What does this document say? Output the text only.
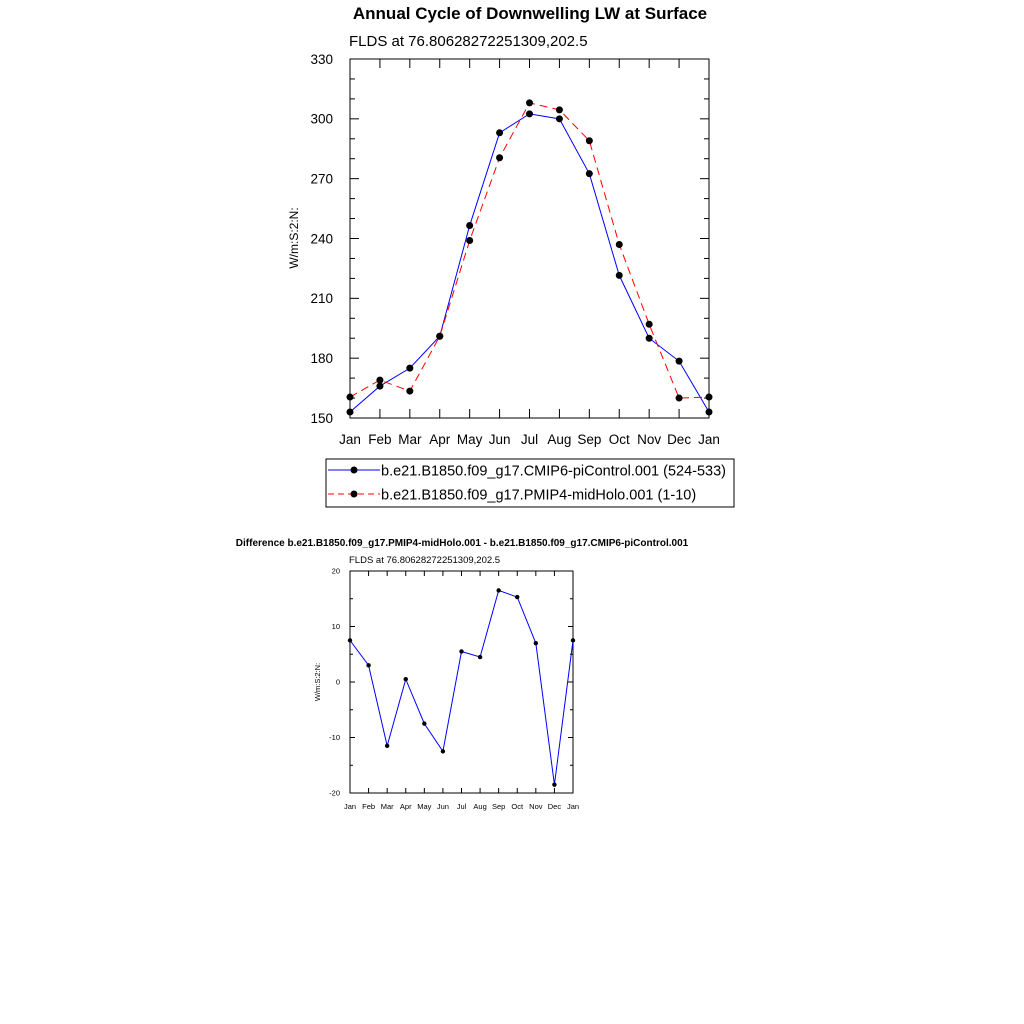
Annual Cycle of Downwelling LW at Surface
FLDS at 76.80628272251309,202.5
W/m:S:2:N:
Jan Feb Mar Apr May Jun Jul Aug Sep Oct Nov Dec Jan
150
180
210
240
270
300
330
b.e21.B1850.f09_g17.CMIP6-piControl.001 (524-533)
b.e21.B1850.f09_g17.PMIP4-midHolo.001 (1-10)
Difference b.e21.B1850.f09_g17.PMIP4-midHolo.001 - b.e21.B1850.f09_g17.CMIP6-piControl.001
FLDS at 76.80628272251309,202.5
W/m:S:2:N:
Jan Feb Mar Apr May Jun Jul Aug Sep Oct Nov Dec Jan
-20
-10
0
10
20
